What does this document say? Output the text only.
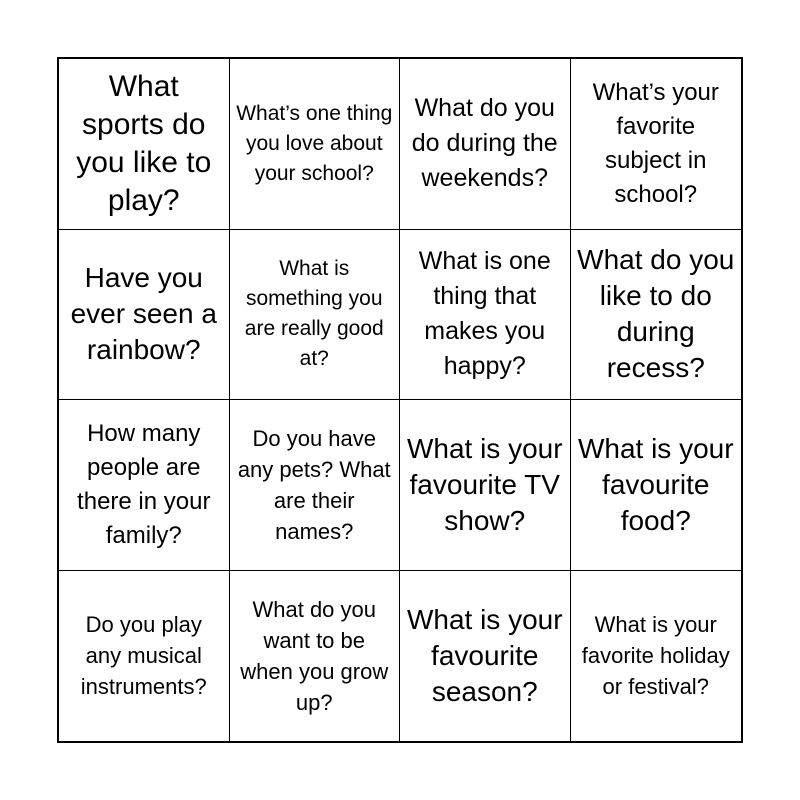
What sports do you like to play?
What’s one thing you love about your school?
What do you do during the weekends?
What’s your favorite subject in school?
Have you ever seen a rainbow?
What is something you are really good at?
What is one thing that makes you happy?
What do you like to do during recess?
How many people are there in your family?
Do you have any pets? What are their names?
What is your favourite TV show?
What is your favourite food?
Do you play any musical instruments?
What do you want to be when you grow up?
What is your favourite season?
What is your favorite holiday or festival?
